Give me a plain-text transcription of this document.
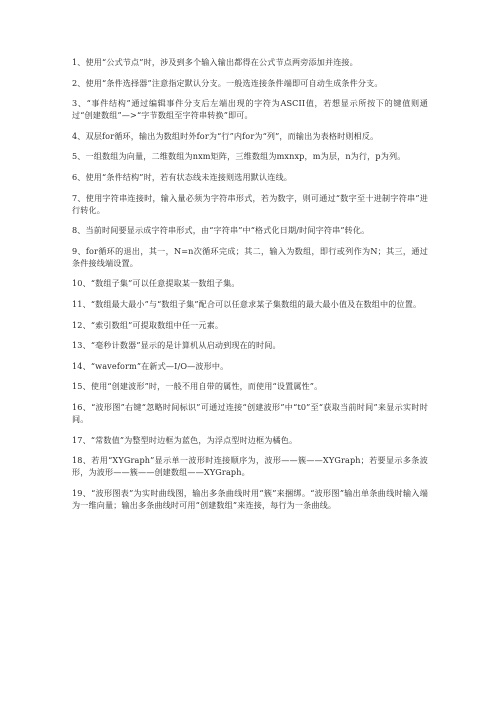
1、使用“公式节点”时，涉及到多个输入输出都得在公式节点两旁添加并连接。
2、使用“条件选择器”注意指定默认分支。一般选连接条件端即可自动生成条件分支。
3、“事件结构”通过编辑事件分支后左端出现的字符为ASCII值，若想显示所按下的键值则通过“创建数组”—>“字节数组至字符串转换”即可。
4、双层for循环，输出为数组时外for为“行”内for为“列”，而输出为表格时则相反。
5、一组数组为向量，二维数组为nxm矩阵，三维数组为mxnxp，m为层，n为行，p为列。
6、使用“条件结构”时，若有状态线未连接则选用默认连线。
7、使用字符串连接时，输入量必须为字符串形式，若为数字，则可通过“数字至十进制字符串”进行转化。
8、当前时间要显示成字符串形式，由“字符串”中“格式化日期/时间字符串”转化。
9、for循环的退出，其一，N=n次循环完成；其二，输入为数组，即行或列作为N；其三，通过条件接线端设置。
10、“数组子集”可以任意提取某一数组子集。
11、“数组最大最小”与“数组子集”配合可以任意求某子集数组的最大最小值及在数组中的位置。
12、“索引数组”可提取数组中任一元素。
13、“毫秒计数器”显示的是计算机从启动到现在的时间。
14、“waveform”在新式—I/O—波形中。
15、使用“创建波形”时，一般不用自带的属性，而使用“设置属性”。
16、“波形图”右键“忽略时间标识”可通过连接“创建波形”中“t0”至“获取当前时间”来显示实时时间。
17、“常数值”为整型时边框为蓝色，为浮点型时边框为橘色。
18、若用“XYGraph”显示单一波形时连接顺序为，波形——簇——XYGraph；若要显示多条波形，为波形——簇——创建数组——XYGraph。
19、“波形图表”为实时曲线图，输出多条曲线时用“簇”来捆绑。“波形图”输出单条曲线时输入端为一维向量；输出多条曲线时可用“创建数组”来连接，每行为一条曲线。
